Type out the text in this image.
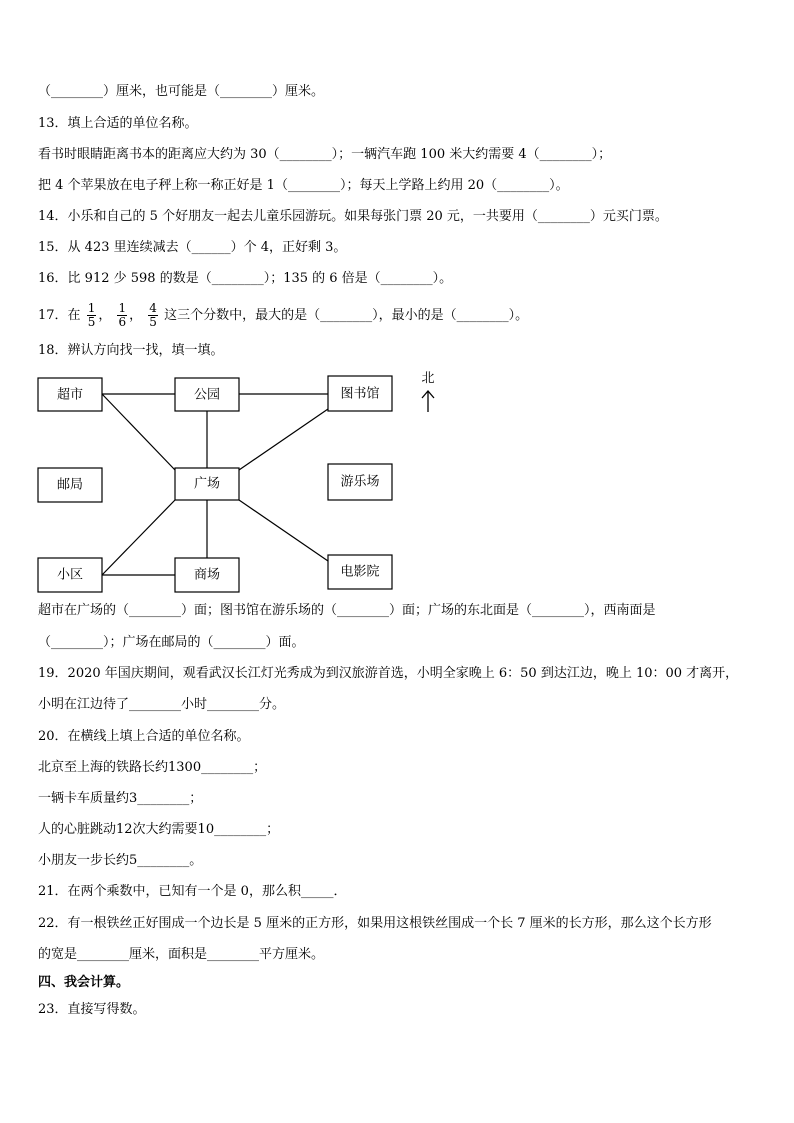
（________）厘米，也可能是（________）厘米。
13．填上合适的单位名称。
看书时眼睛距离书本的距离应大约为 30（________）；一辆汽车跑 100 米大约需要 4（________）；
把 4 个苹果放在电子秤上称一称正好是 1（________）；每天上学路上约用 20（________）。
14．小乐和自己的 5 个好朋友一起去儿童乐园游玩。如果每张门票 20 元，一共要用（________）元买门票。
15．从 423 里连续减去（______）个 4，正好剩 3。
16．比 912 少 598 的数是（________）；135 的 6 倍是（________）。
17．在 $\frac{1}{5}$ ， $\frac{1}{6}$ ， $\frac{4}{5}$ 这三个分数中，最大的是（________），最小的是（________）。
18．辨认方向找一找，填一填。
超市	公园	图书馆
邮局	广场	游乐场
小区	商场	电影院
北
超市在广场的（________）面；图书馆在游乐场的（________）面；广场的东北面是（________），西南面是
（________）；广场在邮局的（________）面。
19．2020 年国庆期间，观看武汉长江灯光秀成为到汉旅游首选，小明全家晚上 6：50 到达江边，晚上 10：00 才离开，
小明在江边待了________小时________分。
20．在横线上填上合适的单位名称。
北京至上海的铁路长约1300________；
一辆卡车质量约3________；
人的心脏跳动12次大约需要10________；
小朋友一步长约5________。
21．在两个乘数中，已知有一个是 0，那么积_____．
22．有一根铁丝正好围成一个边长是 5 厘米的正方形，如果用这根铁丝围成一个长 7 厘米的长方形，那么这个长方形
的宽是________厘米，面积是________平方厘米。
四、我会计算。
23．直接写得数。
